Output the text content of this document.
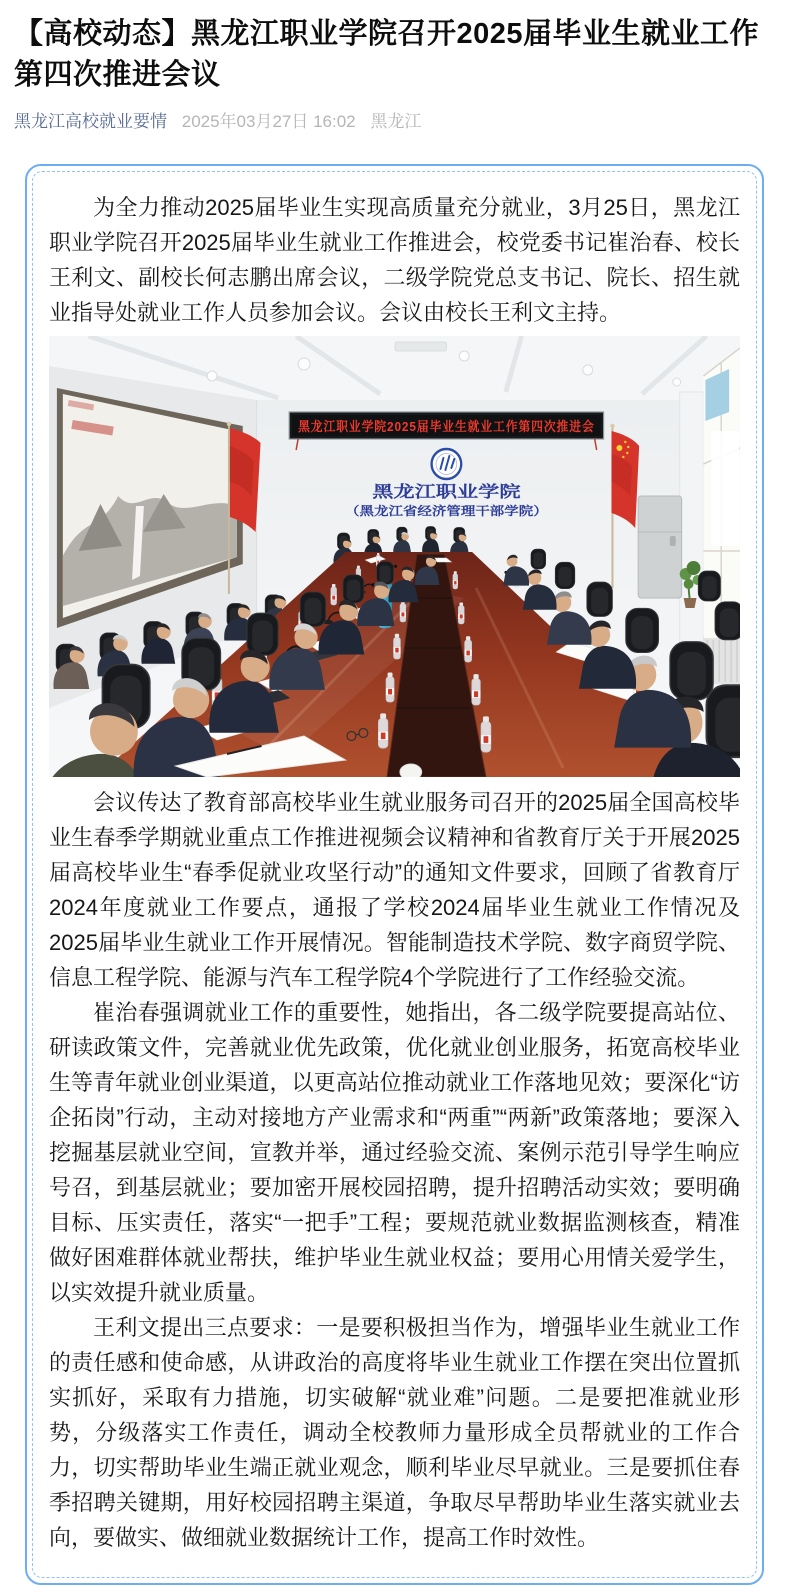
【高校动态】黑龙江职业学院召开2025届毕业生就业工作第四次推进会议
黑龙江高校就业要情 2025年03月27日 16:02 黑龙江

为全力推动2025届毕业生实现高质量充分就业，3月25日，黑龙江职业学院召开2025届毕业生就业工作推进会，校党委书记崔治春、校长王利文、副校长何志鹏出席会议，二级学院党总支书记、院长、招生就业指导处就业工作人员参加会议。会议由校长王利文主持。

黑龙江职业学院2025届毕业生就业工作第四次推进会
黑龙江职业学院
（黑龙江省经济管理干部学院）

会议传达了教育部高校毕业生就业服务司召开的2025届全国高校毕业生春季学期就业重点工作推进视频会议精神和省教育厅关于开展2025届高校毕业生“春季促就业攻坚行动”的通知文件要求，回顾了省教育厅2024年度就业工作要点，通报了学校2024届毕业生就业工作情况及2025届毕业生就业工作开展情况。智能制造技术学院、数字商贸学院、信息工程学院、能源与汽车工程学院4个学院进行了工作经验交流。

崔治春强调就业工作的重要性，她指出，各二级学院要提高站位、研读政策文件，完善就业优先政策，优化就业创业服务，拓宽高校毕业生等青年就业创业渠道，以更高站位推动就业工作落地见效；要深化“访企拓岗”行动，主动对接地方产业需求和“两重”“两新”政策落地；要深入挖掘基层就业空间，宣教并举，通过经验交流、案例示范引导学生响应号召，到基层就业；要加密开展校园招聘，提升招聘活动实效；要明确目标、压实责任，落实“一把手”工程；要规范就业数据监测核查，精准做好困难群体就业帮扶，维护毕业生就业权益；要用心用情关爱学生，以实效提升就业质量。

王利文提出三点要求：一是要积极担当作为，增强毕业生就业工作的责任感和使命感，从讲政治的高度将毕业生就业工作摆在突出位置抓实抓好，采取有力措施，切实破解“就业难”问题。二是要把准就业形势，分级落实工作责任，调动全校教师力量形成全员帮就业的工作合力，切实帮助毕业生端正就业观念，顺利毕业尽早就业。三是要抓住春季招聘关键期，用好校园招聘主渠道，争取尽早帮助毕业生落实就业去向，要做实、做细就业数据统计工作，提高工作时效性。
